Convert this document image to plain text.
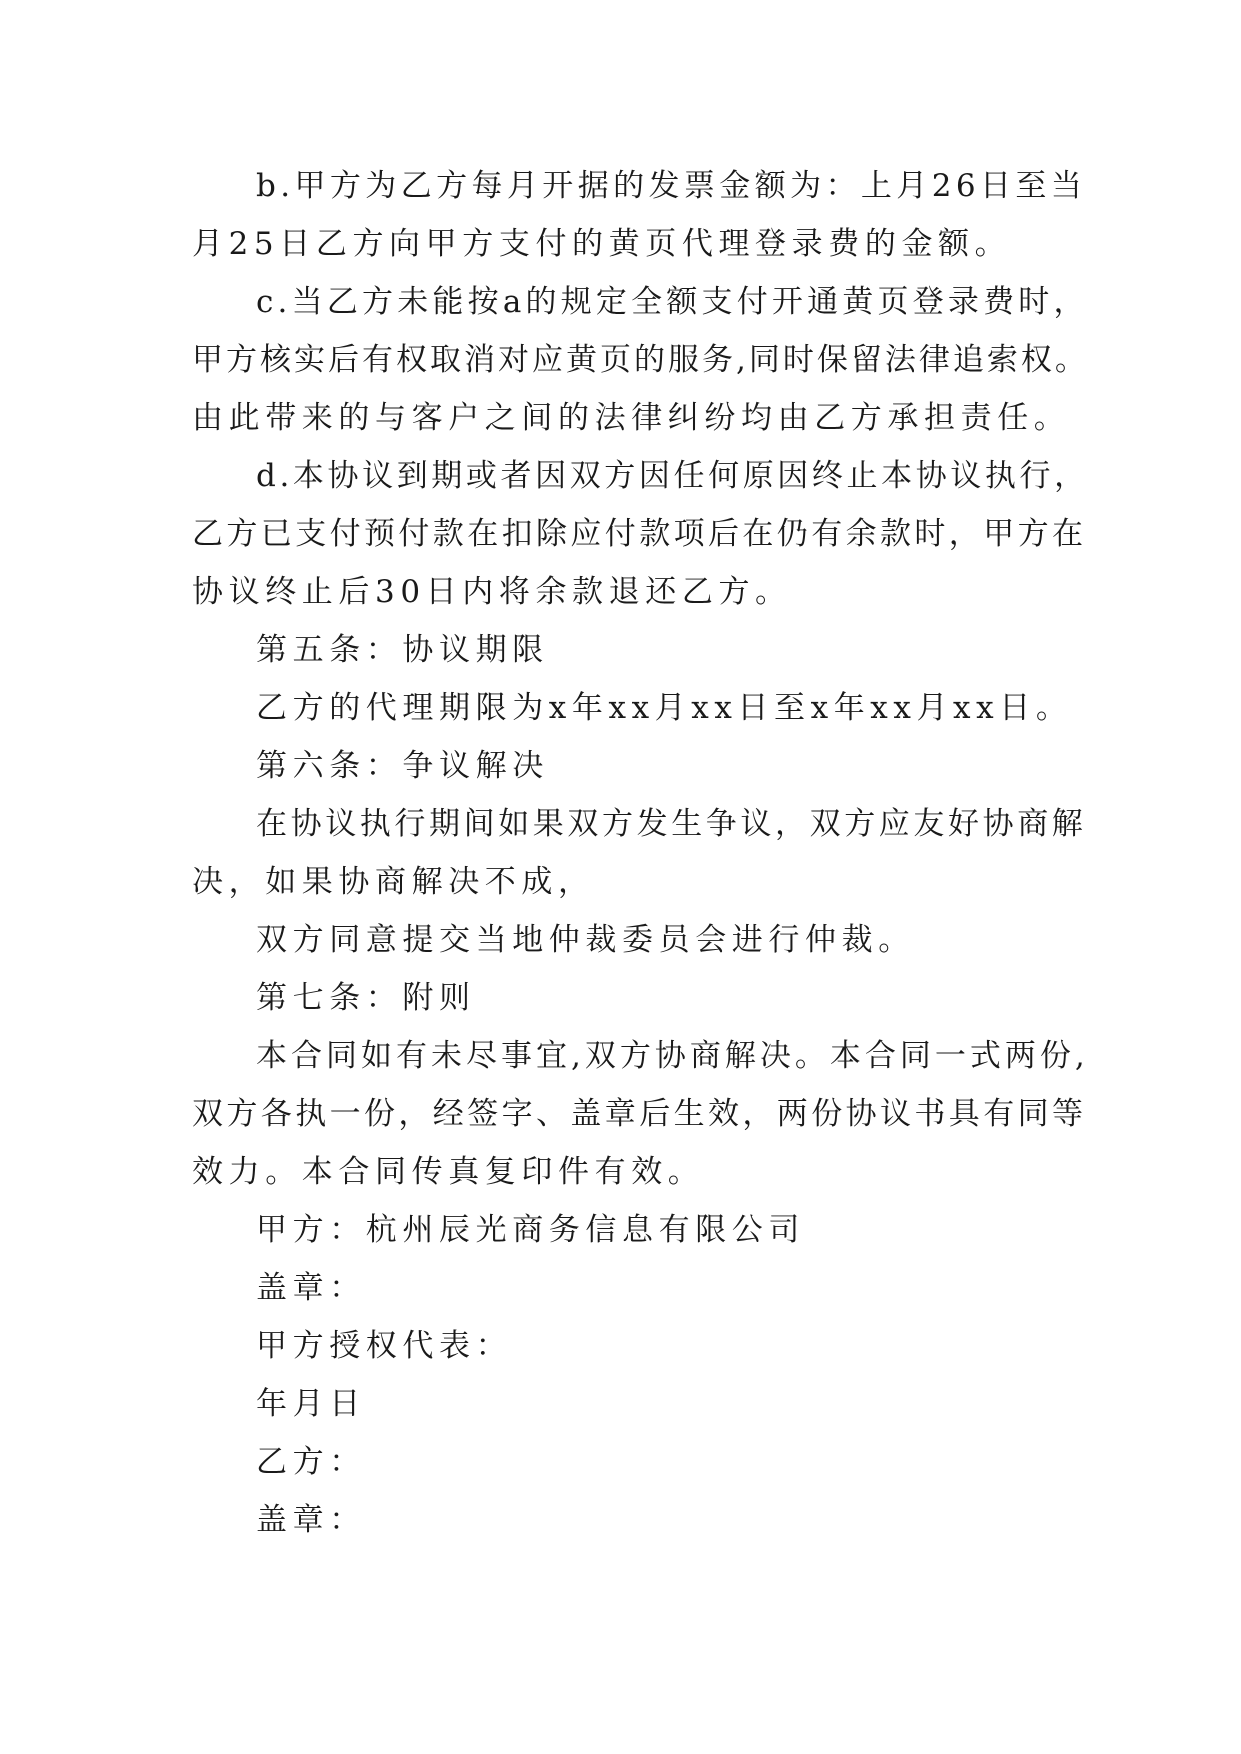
b.甲方为乙方每月开据的发票金额为：上月26日至当

月25日乙方向甲方支付的黄页代理登录费的金额。

c.当乙方未能按a的规定全额支付开通黄页登录费时，

甲方核实后有权取消对应黄页的服务,同时保留法律追索权。

由此带来的与客户之间的法律纠纷均由乙方承担责任。

d.本协议到期或者因双方因任何原因终止本协议执行，

乙方已支付预付款在扣除应付款项后在仍有余款时，甲方在

协议终止后30日内将余款退还乙方。

第五条：协议期限

乙方的代理期限为x年xx月xx日至x年xx月xx日。

第六条：争议解决

在协议执行期间如果双方发生争议，双方应友好协商解

决，如果协商解决不成，

双方同意提交当地仲裁委员会进行仲裁。

第七条：附则

本合同如有未尽事宜,双方协商解决。本合同一式两份,

双方各执一份，经签字、盖章后生效，两份协议书具有同等

效力。本合同传真复印件有效。

甲方：杭州辰光商务信息有限公司

盖章：

甲方授权代表：

年月日

乙方：

盖章：
